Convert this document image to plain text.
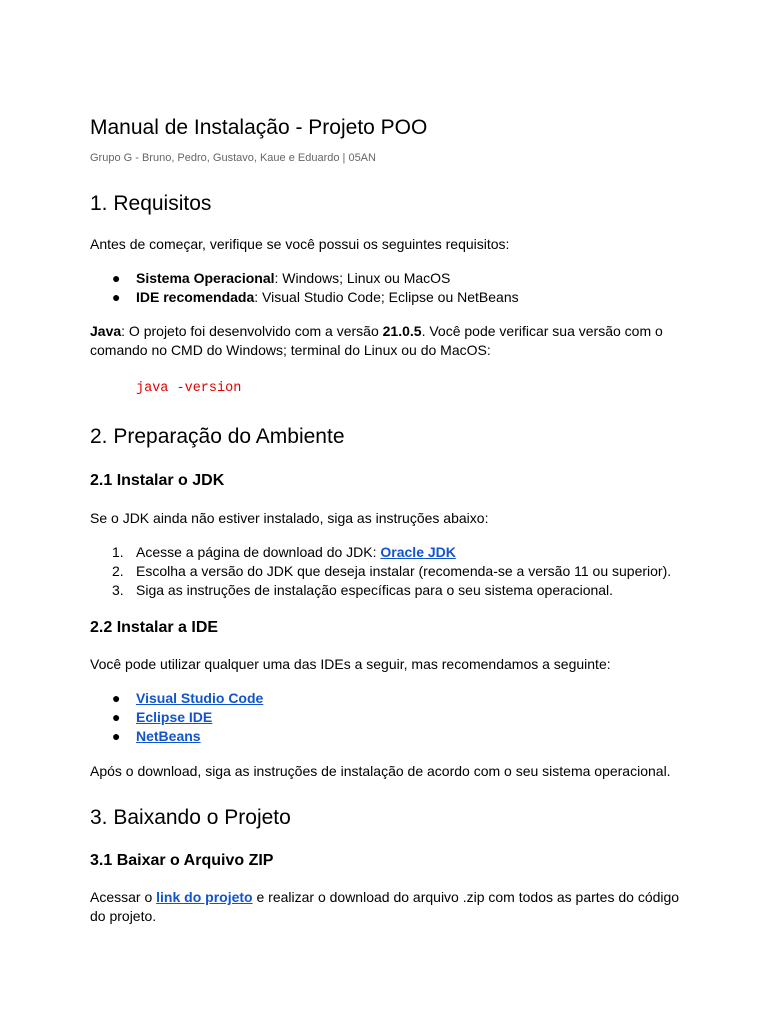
Manual de Instalação - Projeto POO
Grupo G - Bruno, Pedro, Gustavo, Kaue e Eduardo | 05AN
1. Requisitos
Antes de começar, verifique se você possui os seguintes requisitos:
●	Sistema Operacional: Windows; Linux ou MacOS
●	IDE recomendada: Visual Studio Code; Eclipse ou NetBeans
Java: O projeto foi desenvolvido com a versão 21.0.5. Você pode verificar sua versão com o comando no CMD do Windows; terminal do Linux ou do MacOS:
java -version
2. Preparação do Ambiente
2.1 Instalar o JDK
Se o JDK ainda não estiver instalado, siga as instruções abaixo:
1. Acesse a página de download do JDK: Oracle JDK
2. Escolha a versão do JDK que deseja instalar (recomenda-se a versão 11 ou superior).
3. Siga as instruções de instalação específicas para o seu sistema operacional.
2.2 Instalar a IDE
Você pode utilizar qualquer uma das IDEs a seguir, mas recomendamos a seguinte:
●	Visual Studio Code
●	Eclipse IDE
●	NetBeans
Após o download, siga as instruções de instalação de acordo com o seu sistema operacional.
3. Baixando o Projeto
3.1 Baixar o Arquivo ZIP
Acessar o link do projeto e realizar o download do arquivo .zip com todos as partes do código do projeto.
